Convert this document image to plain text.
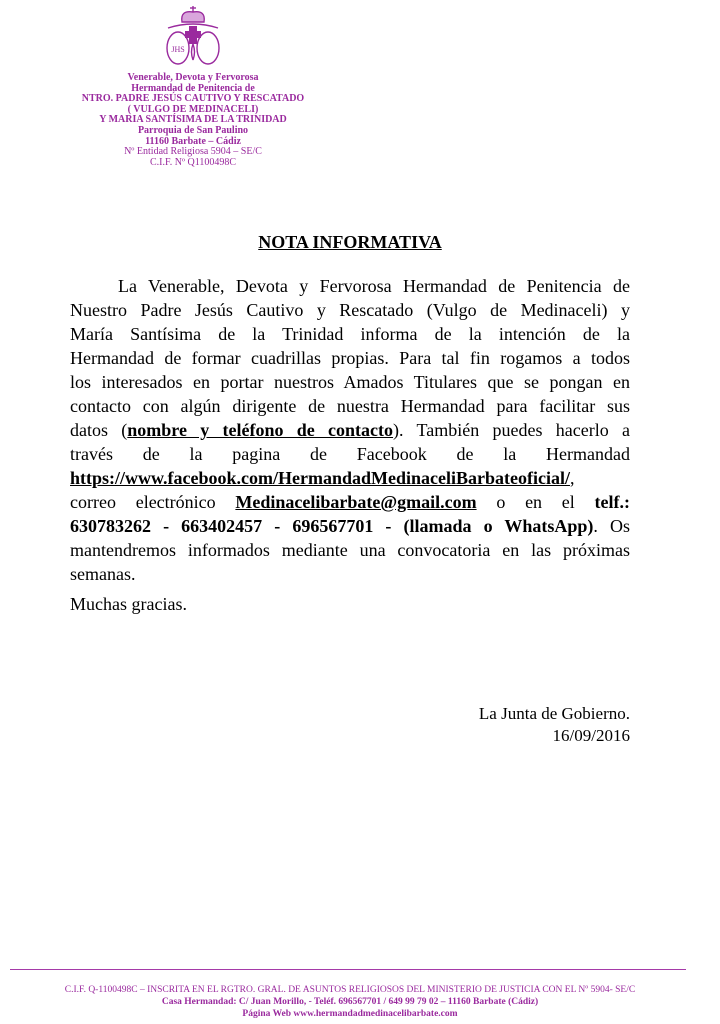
JHS
Venerable, Devota y Fervorosa
Hermandad de Penitencia de
NTRO. PADRE JESÚS CAUTIVO Y RESCATADO
( VULGO DE MEDINACELI)
Y MARIA SANTÍSIMA DE LA TRINIDAD
Parroquia de San Paulino
11160 Barbate – Cádiz
Nº Entidad Religiosa 5904 – SE/C
C.I.F. Nº Q1100498C
NOTA INFORMATIVA
La Venerable, Devota y Fervorosa Hermandad de Penitencia de
Nuestro Padre Jesús Cautivo y Rescatado (Vulgo de Medinaceli) y
María Santísima de la Trinidad informa de la intención de la
Hermandad de formar cuadrillas propias. Para tal fin rogamos a todos
los interesados en portar nuestros Amados Titulares que se pongan en
contacto con algún dirigente de nuestra Hermandad para facilitar sus
datos (nombre y teléfono de contacto). También puedes hacerlo a
través de la pagina de Facebook de la Hermandad
https://www.facebook.com/HermandadMedinaceliBarbateoficial/,
correo electrónico Medinacelibarbate@gmail.com o en el telf.:
630783262 - 663402457 - 696567701 - (llamada o WhatsApp). Os
mantendremos informados mediante una convocatoria en las próximas
semanas.
Muchas gracias.
La Junta de Gobierno.
16/09/2016
C.I.F. Q-1100498C – INSCRITA EN EL RGTRO. GRAL. DE ASUNTOS RELIGIOSOS DEL MINISTERIO DE JUSTICIA CON EL Nº 5904- SE/C
Casa Hermandad: C/ Juan Morillo, - Teléf. 696567701 / 649 99 79 02 – 11160 Barbate (Cádiz)
Página Web www.hermandadmedinacelibarbate.com
